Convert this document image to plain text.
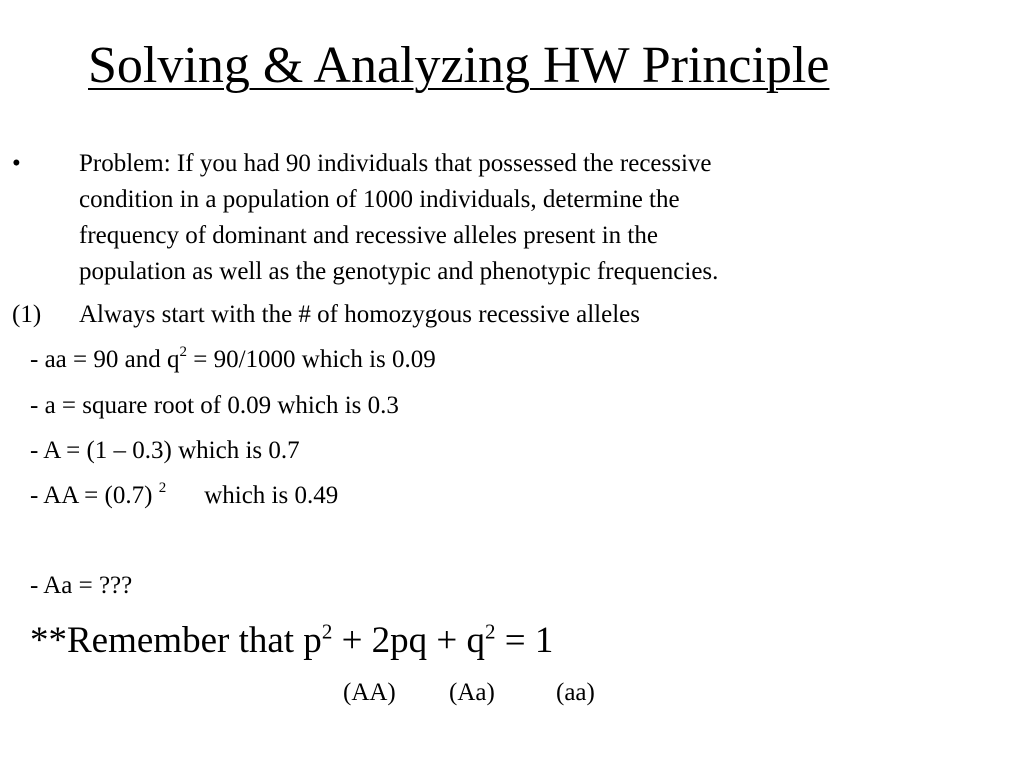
Solving & Analyzing HW Principle
• Problem: If you had 90 individuals that possessed the recessive
condition in a population of 1000 individuals, determine the
frequency of dominant and recessive alleles present in the
population as well as the genotypic and phenotypic frequencies.
(1) Always start with the # of homozygous recessive alleles
- aa = 90 and $q^2 = 90/1000$ which is 0.09
- a = square root of 0.09 which is 0.3
- A = (1 – 0.3) which is 0.7
- AA = (0.7) $^2$ which is 0.49
- Aa = ???
**Remember that $p^2 + 2pq + q^2 = 1$
(AA) (Aa) (aa)
